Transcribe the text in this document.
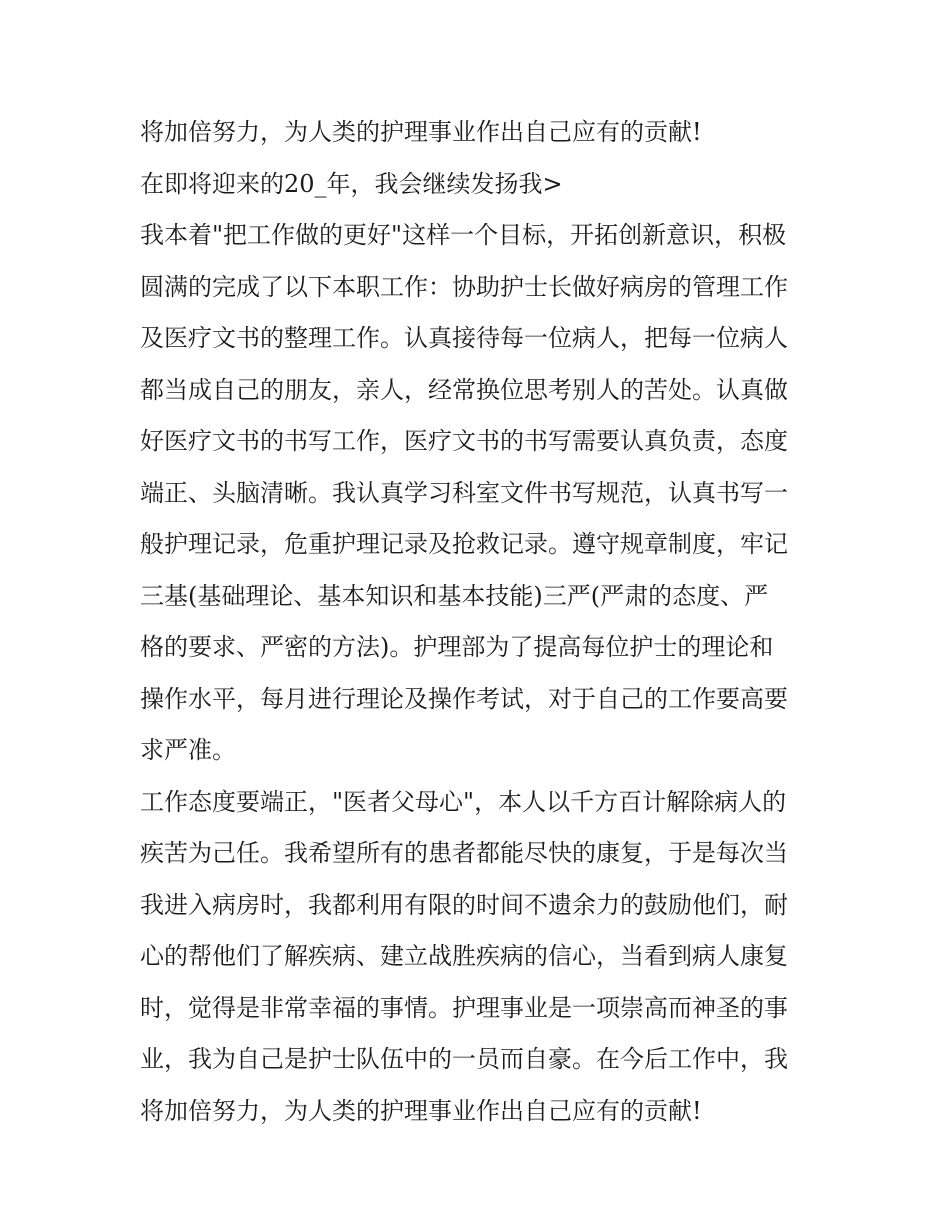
将加倍努力，为人类的护理事业作出自己应有的贡献!
在即将迎来的20_年，我会继续发扬我>
我本着"把工作做的更好"这样一个目标，开拓创新意识，积极
圆满的完成了以下本职工作：协助护士长做好病房的管理工作
及医疗文书的整理工作。认真接待每一位病人，把每一位病人
都当成自己的朋友，亲人，经常换位思考别人的苦处。认真做
好医疗文书的书写工作，医疗文书的书写需要认真负责，态度
端正、头脑清晰。我认真学习科室文件书写规范，认真书写一
般护理记录，危重护理记录及抢救记录。遵守规章制度，牢记
三基(基础理论、基本知识和基本技能)三严(严肃的态度、严
格的要求、严密的方法)。护理部为了提高每位护士的理论和
操作水平，每月进行理论及操作考试，对于自己的工作要高要
求严准。
工作态度要端正，"医者父母心"，本人以千方百计解除病人的
疾苦为己任。我希望所有的患者都能尽快的康复，于是每次当
我进入病房时，我都利用有限的时间不遗余力的鼓励他们，耐
心的帮他们了解疾病、建立战胜疾病的信心，当看到病人康复
时，觉得是非常幸福的事情。护理事业是一项崇高而神圣的事
业，我为自己是护士队伍中的一员而自豪。在今后工作中，我
将加倍努力，为人类的护理事业作出自己应有的贡献!
